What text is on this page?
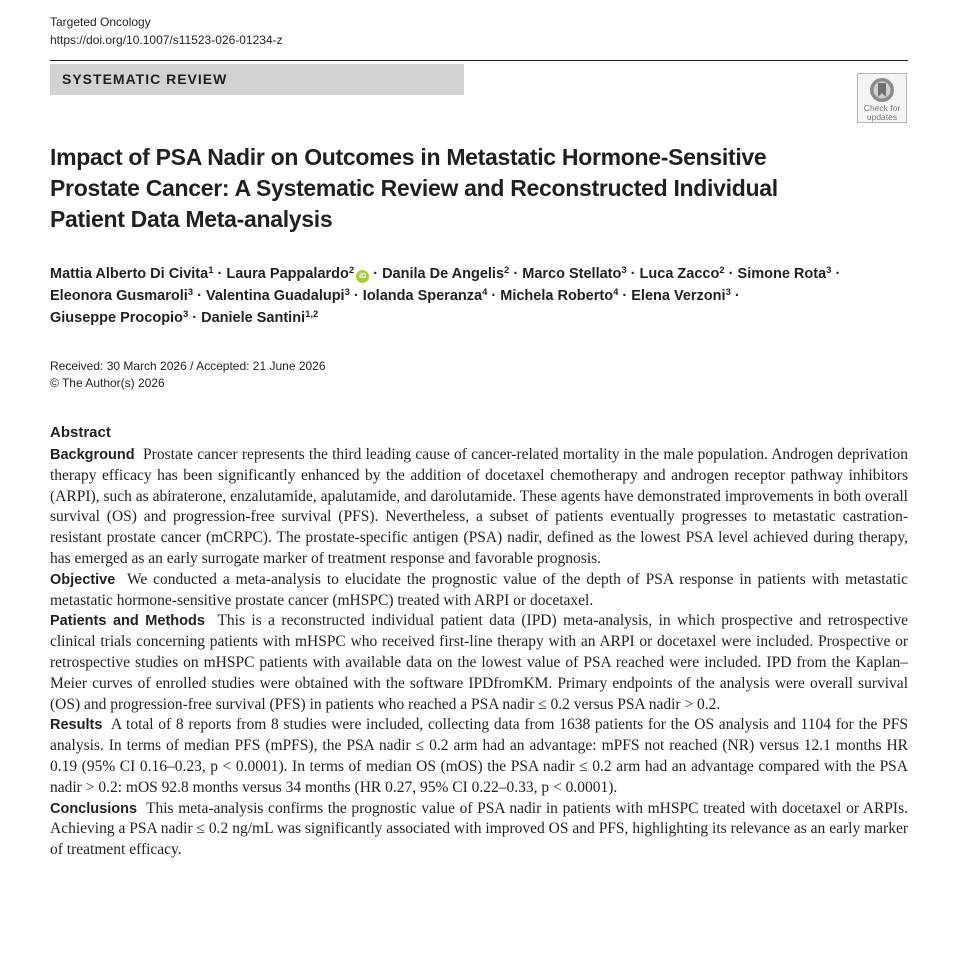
Targeted Oncology
https://doi.org/10.1007/s11523-026-01234-z
SYSTEMATIC REVIEW
Check for
updates
Impact of PSA Nadir on Outcomes in Metastatic Hormone-Sensitive
Prostate Cancer: A Systematic Review and Reconstructed Individual
Patient Data Meta-analysis
Mattia Alberto Di Civita$^1$ · Laura Pappalardo$^2$iD · Danila De Angelis$^2$ · Marco Stellato$^3$ · Luca Zacco$^2$ · Simone Rota$^3$ ·
Eleonora Gusmaroli$^3$ · Valentina Guadalupi$^3$ · Iolanda Speranza$^4$ · Michela Roberto$^4$ · Elena Verzoni$^3$ ·
Giuseppe Procopio$^3$ · Daniele Santini$^{1,2}$
Received: 30 March 2026 / Accepted: 21 June 2026
© The Author(s) 2026
Abstract

Background Prostate cancer represents the third leading cause of cancer-related mortality in the male population. Androgen deprivation therapy efficacy has been significantly enhanced by the addition of docetaxel chemotherapy and androgen receptor pathway inhibitors (ARPI), such as abiraterone, enzalutamide, apalutamide, and darolutamide. These agents have demonstrated improvements in both overall survival (OS) and progression-free survival (PFS). Nevertheless, a subset of patients eventually progresses to metastatic castration-resistant prostate cancer (mCRPC). The prostate-specific antigen (PSA) nadir, defined as the lowest PSA level achieved during therapy, has emerged as an early surrogate marker of treatment response and favorable prognosis.

Objective We conducted a meta-analysis to elucidate the prognostic value of the depth of PSA response in patients with metastatic metastatic hormone-sensitive prostate cancer (mHSPC) treated with ARPI or docetaxel.

Patients and Methods This is a reconstructed individual patient data (IPD) meta-analysis, in which prospective and retrospective clinical trials concerning patients with mHSPC who received first-line therapy with an ARPI or docetaxel were included. Prospective or retrospective studies on mHSPC patients with available data on the lowest value of PSA reached were included. IPD from the Kaplan–Meier curves of enrolled studies were obtained with the software IPDfromKM. Primary endpoints of the analysis were overall survival (OS) and progression-free survival (PFS) in patients who reached a PSA nadir ≤ 0.2 versus PSA nadir > 0.2.

Results A total of 8 reports from 8 studies were included, collecting data from 1638 patients for the OS analysis and 1104 for the PFS analysis. In terms of median PFS (mPFS), the PSA nadir ≤ 0.2 arm had an advantage: mPFS not reached (NR) versus 12.1 months HR 0.19 (95% CI 0.16–0.23, p < 0.0001). In terms of median OS (mOS) the PSA nadir ≤ 0.2 arm had an advantage compared with the PSA nadir > 0.2: mOS 92.8 months versus 34 months (HR 0.27, 95% CI 0.22–0.33, p < 0.0001).

Conclusions This meta-analysis confirms the prognostic value of PSA nadir in patients with mHSPC treated with docetaxel or ARPIs. Achieving a PSA nadir ≤ 0.2 ng/mL was significantly associated with improved OS and PFS, highlighting its relevance as an early marker of treatment efficacy.
